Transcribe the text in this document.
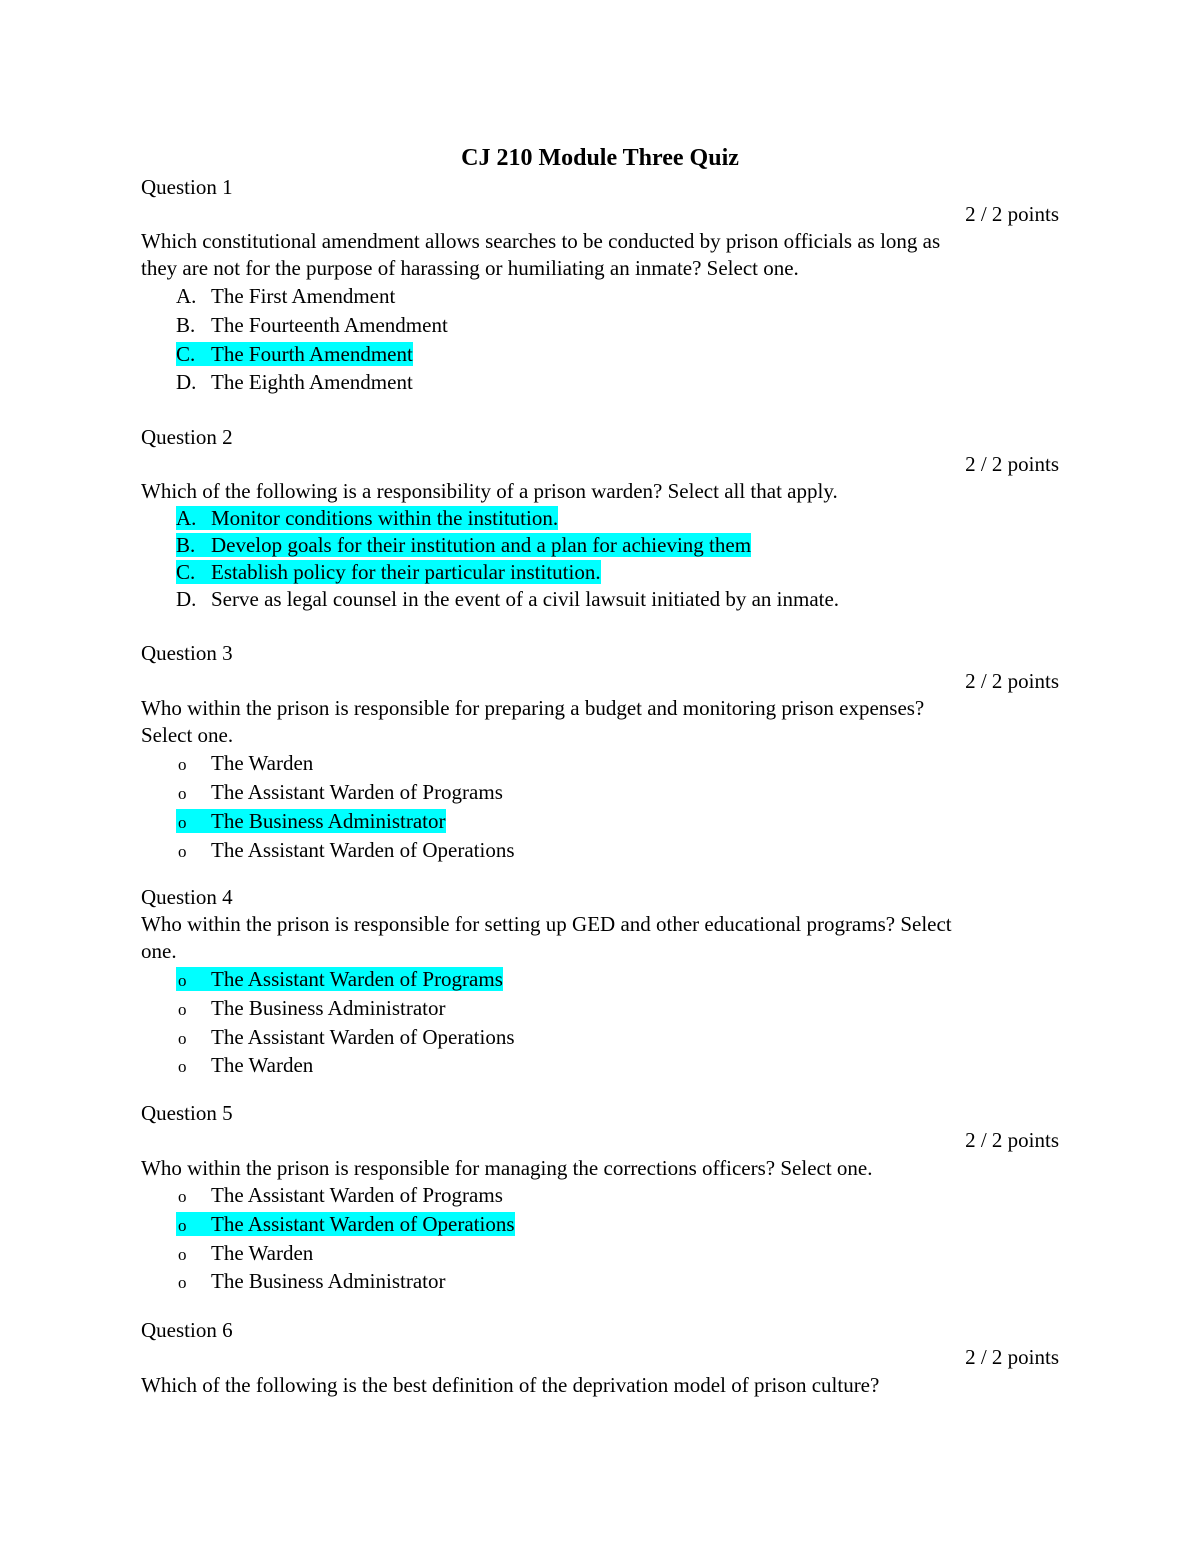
CJ 210 Module Three Quiz
Question 1
2 / 2 points
Which constitutional amendment allows searches to be conducted by prison officials as long as
they are not for the purpose of harassing or humiliating an inmate? Select one.
A. The First Amendment
B. The Fourteenth Amendment
C. The Fourth Amendment
D. The Eighth Amendment
Question 2
2 / 2 points
Which of the following is a responsibility of a prison warden? Select all that apply.
A. Monitor conditions within the institution.
B. Develop goals for their institution and a plan for achieving them
C. Establish policy for their particular institution.
D. Serve as legal counsel in the event of a civil lawsuit initiated by an inmate.
Question 3
2 / 2 points
Who within the prison is responsible for preparing a budget and monitoring prison expenses?
Select one.
o The Warden
o The Assistant Warden of Programs
o The Business Administrator
o The Assistant Warden of Operations
Question 4
Who within the prison is responsible for setting up GED and other educational programs? Select
one.
o The Assistant Warden of Programs
o The Business Administrator
o The Assistant Warden of Operations
o The Warden
Question 5
2 / 2 points
Who within the prison is responsible for managing the corrections officers? Select one.
o The Assistant Warden of Programs
o The Assistant Warden of Operations
o The Warden
o The Business Administrator
Question 6
2 / 2 points
Which of the following is the best definition of the deprivation model of prison culture?
